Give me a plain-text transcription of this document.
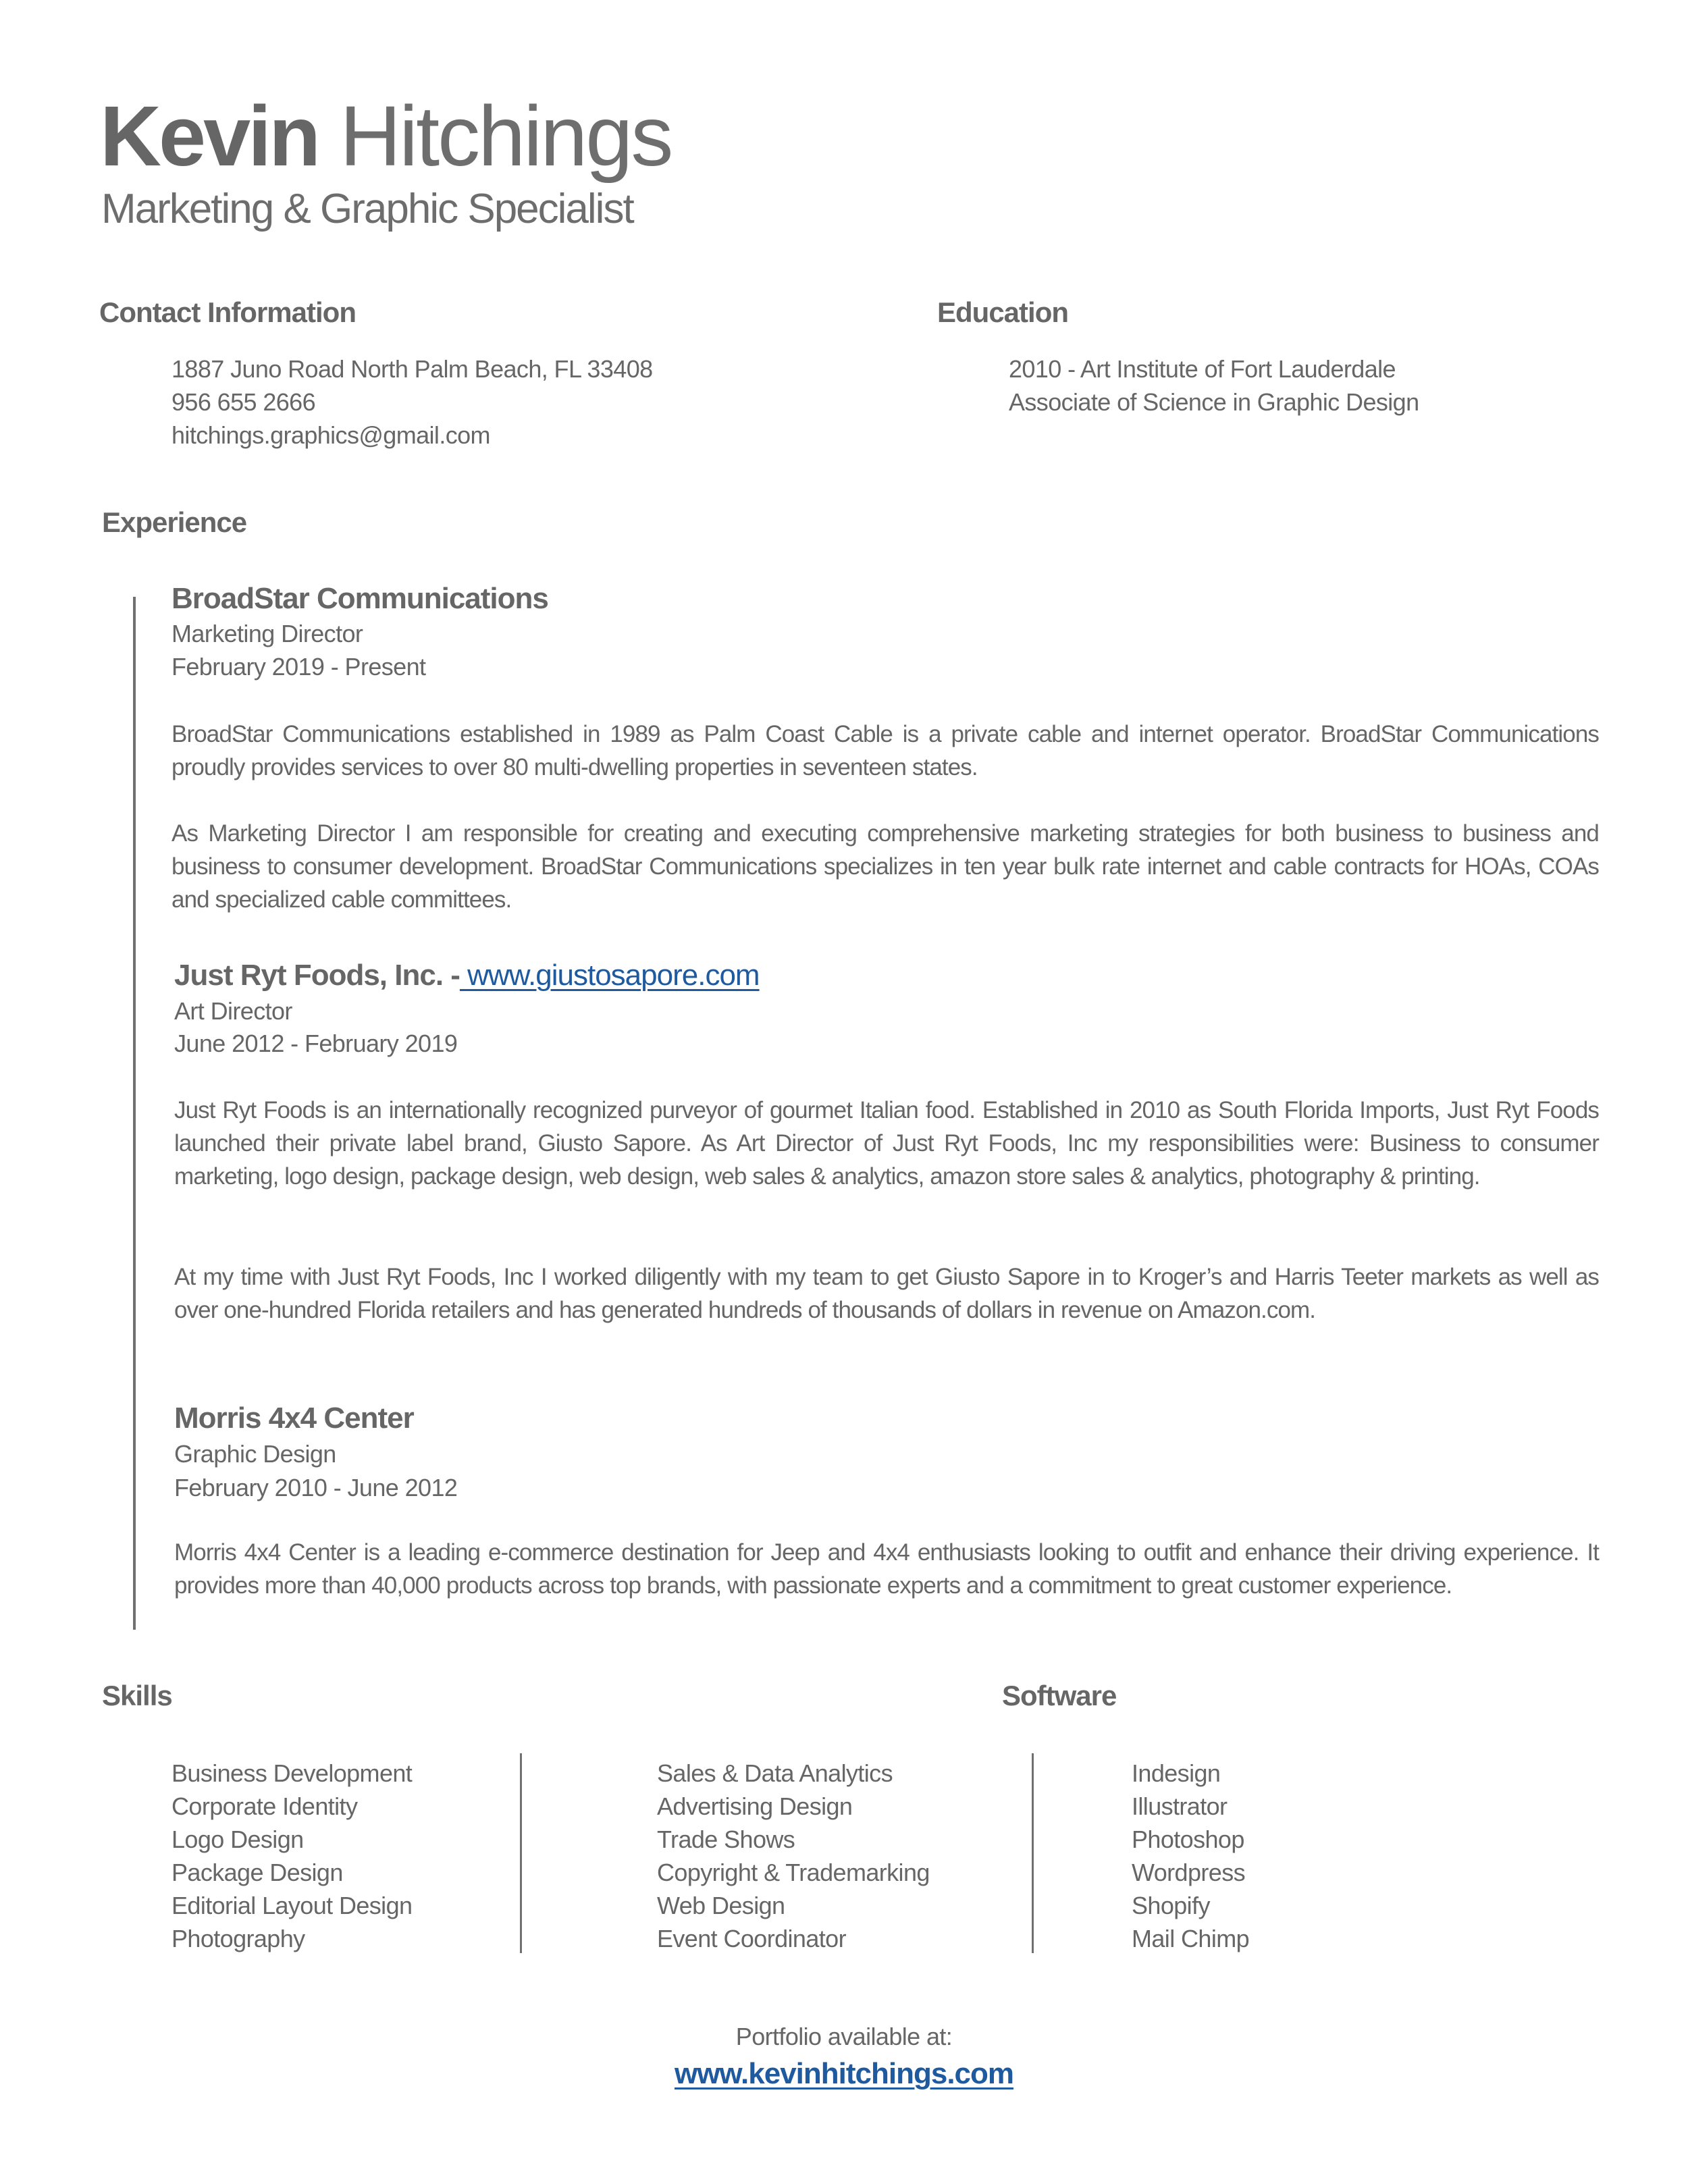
Kevin Hitchings
Marketing & Graphic Specialist
Contact Information
1887 Juno Road North Palm Beach, FL 33408
956 655 2666
hitchings.graphics@gmail.com
Education
2010 - Art Institute of Fort Lauderdale
Associate of Science in Graphic Design
Experience
BroadStar Communications
Marketing Director
February 2019 - Present

BroadStar Communications established in 1989 as Palm Coast Cable is a private cable and internet operator. BroadStar Communications proudly provides services to over 80 multi-dwelling properties in seventeen states.

As Marketing Director I am responsible for creating and executing comprehensive marketing strategies for both business to business and business to consumer development. BroadStar Communications specializes in ten year bulk rate internet and cable contracts for HOAs, COAs and specialized cable committees.

Just Ryt Foods, Inc. - www.giustosapore.com
Art Director
June 2012 - February 2019

Just Ryt Foods is an internationally recognized purveyor of gourmet Italian food. Established in 2010 as South Florida Imports, Just Ryt Foods launched their private label brand, Giusto Sapore. As Art Director of Just Ryt Foods, Inc my responsibilities were: Business to consumer marketing, logo design, package design, web design, web sales & analytics, amazon store sales & analytics, photography & printing.

At my time with Just Ryt Foods, Inc I worked diligently with my team to get Giusto Sapore in to Kroger’s and Harris Teeter markets as well as over one-hundred Florida retailers and has generated hundreds of thousands of dollars in revenue on Amazon.com.

Morris 4x4 Center
Graphic Design
February 2010 - June 2012

Morris 4x4 Center is a leading e-commerce destination for Jeep and 4x4 enthusiasts looking to outfit and enhance their driving experience. It provides more than 40,000 products across top brands, with passionate experts and a commitment to great customer experience.

Skills
Business Development
Corporate Identity
Logo Design
Package Design
Editorial Layout Design
Photography
Sales & Data Analytics
Advertising Design
Trade Shows
Copyright & Trademarking
Web Design
Event Coordinator
Software
Indesign
Illustrator
Photoshop
Wordpress
Shopify
Mail Chimp
Portfolio available at:
www.kevinhitchings.com
